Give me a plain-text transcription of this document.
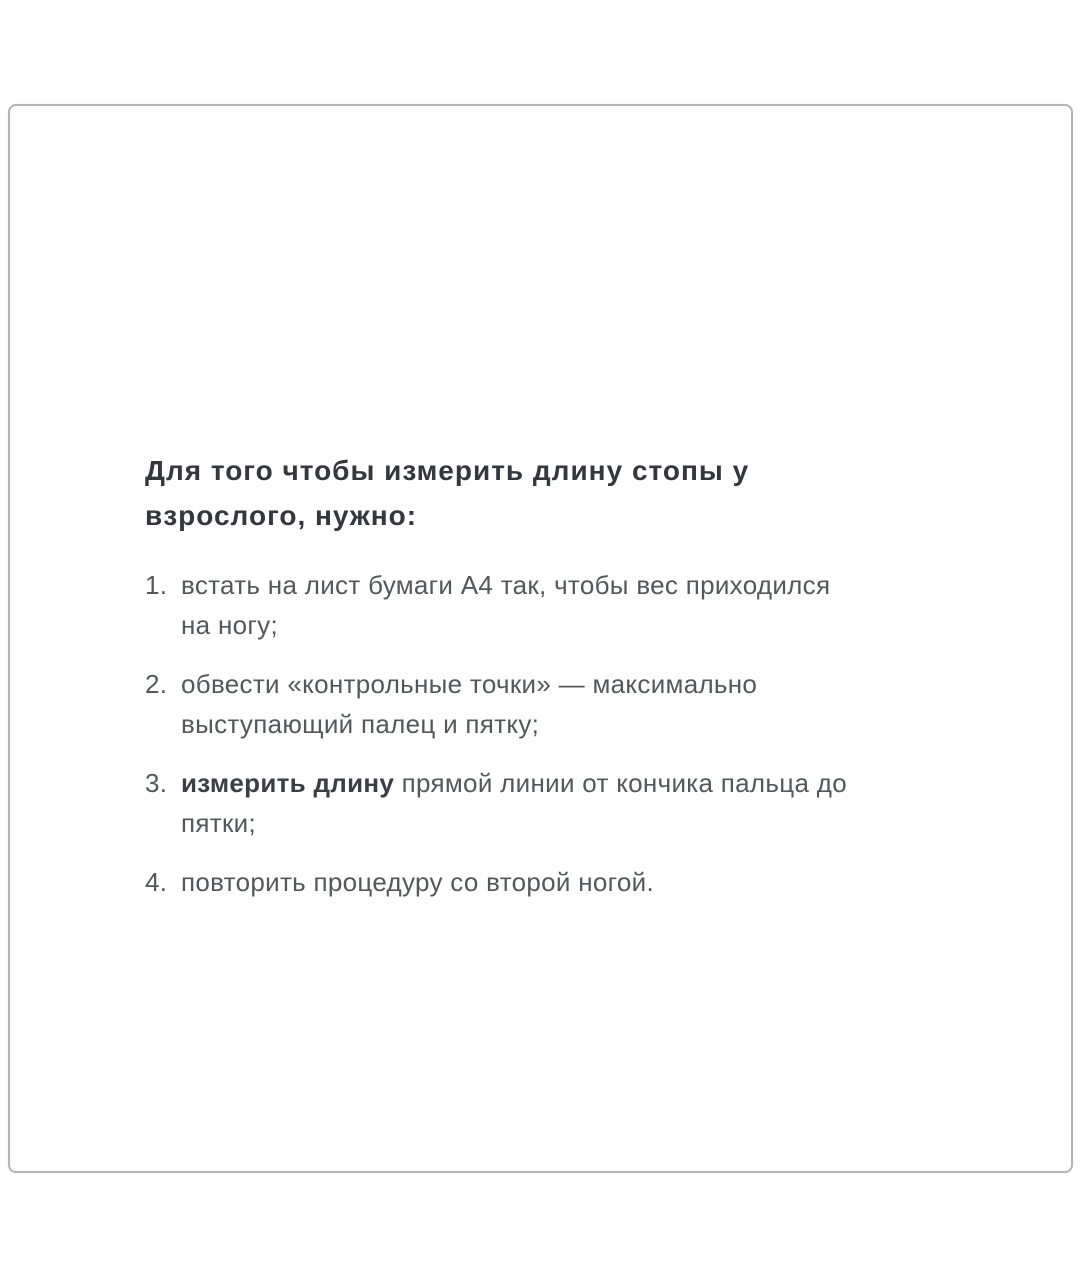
Для того чтобы измерить длину стопы у
взрослого, нужно:
1. встать на лист бумаги А4 так, чтобы вес приходился
на ногу;
2. обвести «контрольные точки» — максимально
выступающий палец и пятку;
3. измерить длину прямой линии от кончика пальца до
пятки;
4. повторить процедуру со второй ногой.
